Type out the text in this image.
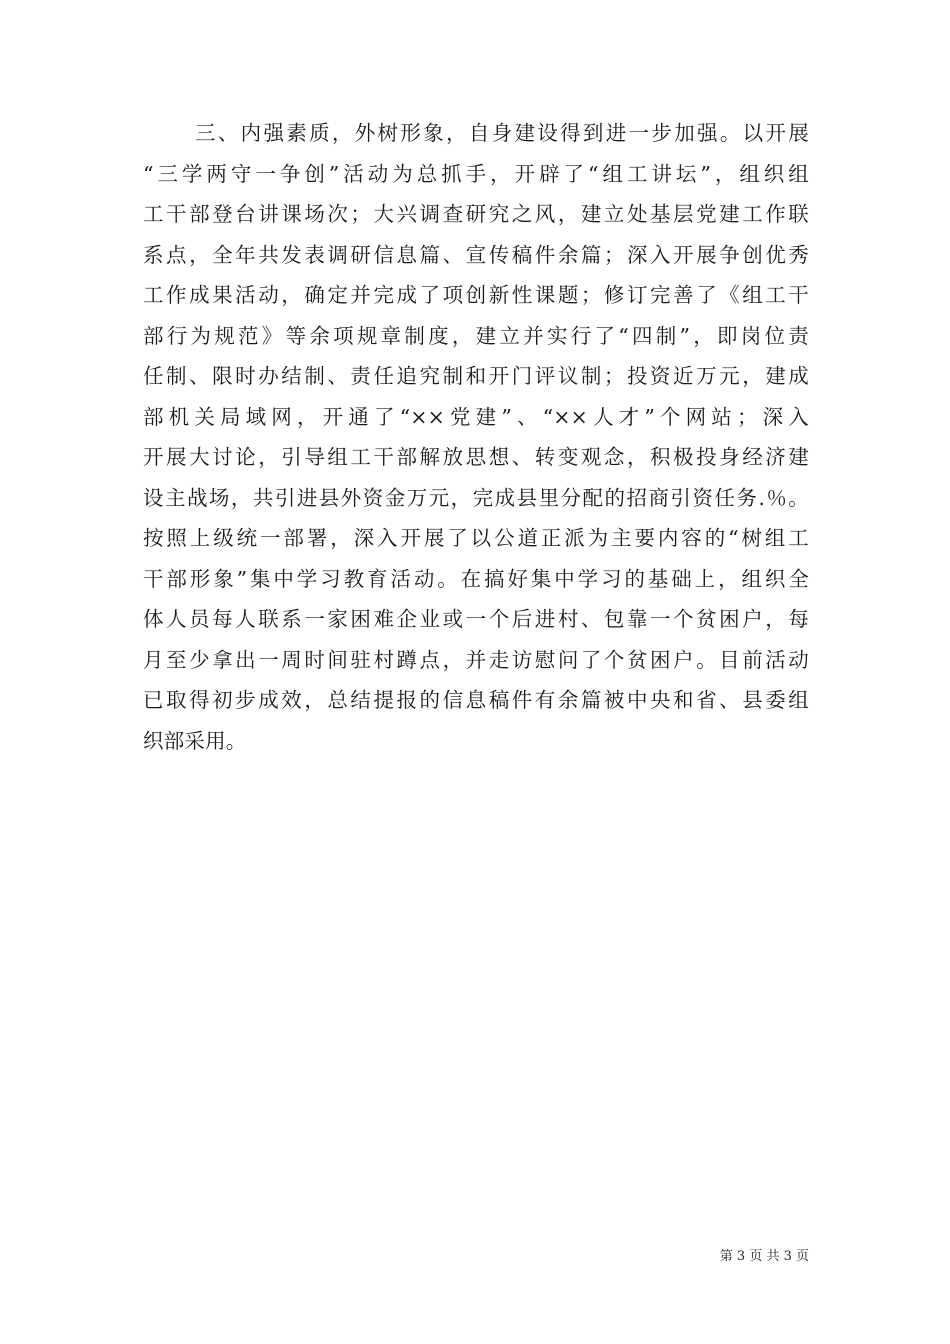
三、内强素质，外树形象，自身建设得到进一步加强。以开展
“三学两守一争创”活动为总抓手，开辟了“组工讲坛”，组织组
工干部登台讲课场次；大兴调查研究之风，建立处基层党建工作联
系点，全年共发表调研信息篇、宣传稿件余篇；深入开展争创优秀
工作成果活动，确定并完成了项创新性课题；修订完善了《组工干
部行为规范》等余项规章制度，建立并实行了“四制”，即岗位责
任制、限时办结制、责任追究制和开门评议制；投资近万元，建成
部机关局域网，开通了“××党建”、“××人才”个网站；深入
开展大讨论，引导组工干部解放思想、转变观念，积极投身经济建
设主战场，共引进县外资金万元，完成县里分配的招商引资任务.％。
按照上级统一部署，深入开展了以公道正派为主要内容的“树组工
干部形象”集中学习教育活动。在搞好集中学习的基础上，组织全
体人员每人联系一家困难企业或一个后进村、包靠一个贫困户，每
月至少拿出一周时间驻村蹲点，并走访慰问了个贫困户。目前活动
已取得初步成效，总结提报的信息稿件有余篇被中央和省、县委组
织部采用。
第 3 页 共 3 页
